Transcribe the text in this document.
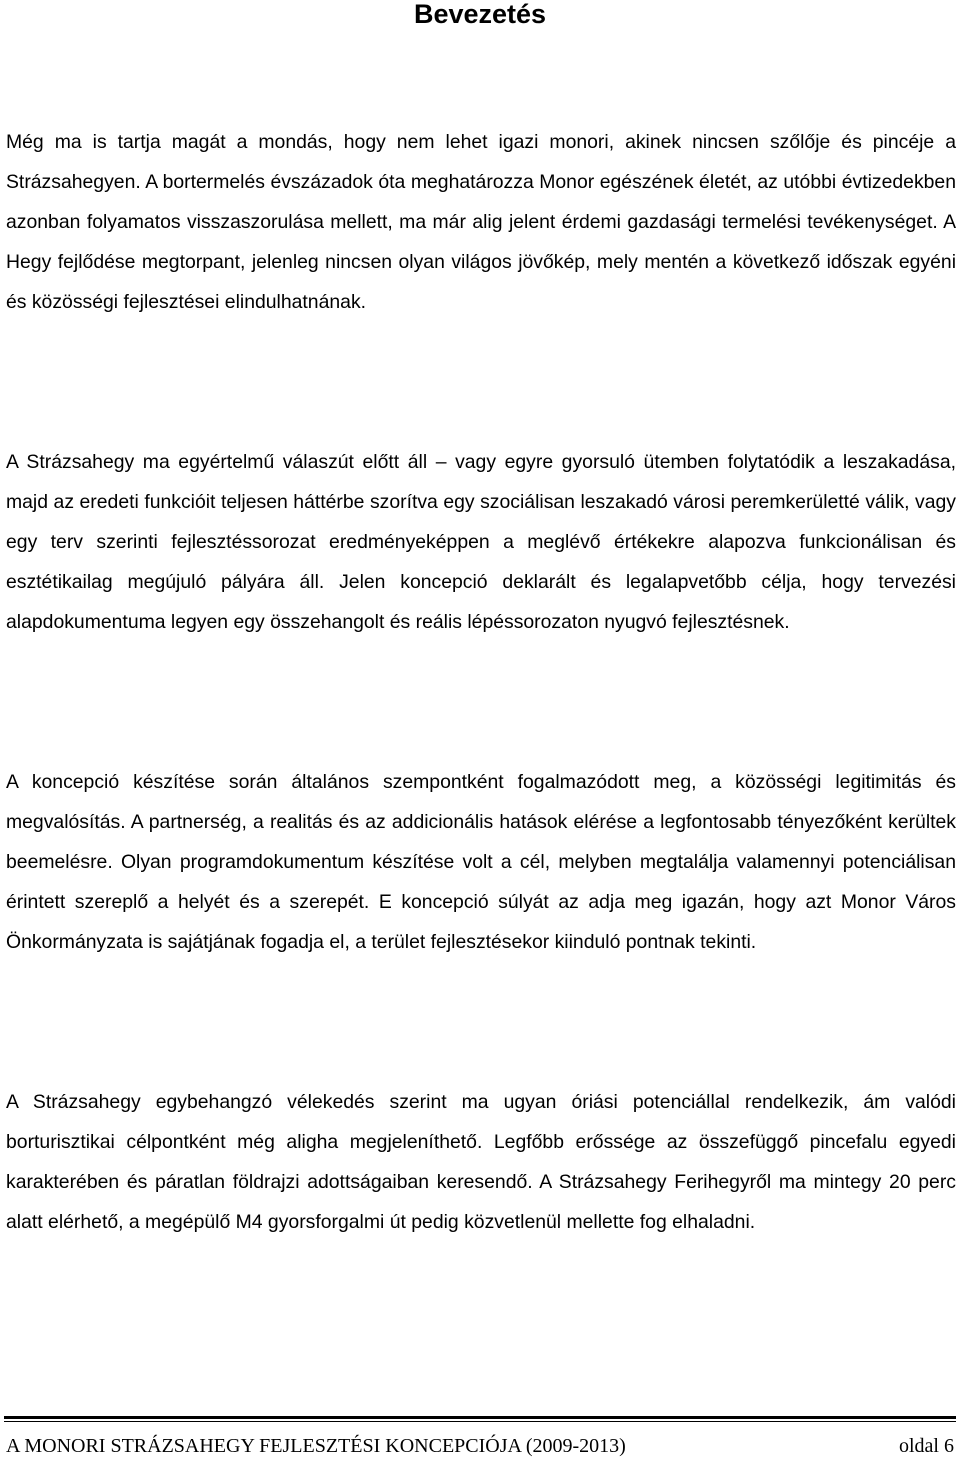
Bevezetés

Még ma is tartja magát a mondás, hogy nem lehet igazi monori, akinek nincsen szőlője és pincéje a Strázsahegyen. A bortermelés évszázadok óta meghatározza Monor egészének életét, az utóbbi évtizedekben azonban folyamatos visszaszorulása mellett, ma már alig jelent érdemi gazdasági termelési tevékenységet. A Hegy fejlődése megtorpant, jelenleg nincsen olyan világos jövőkép, mely mentén a következő időszak egyéni és közösségi fejlesztései elindulhatnának.

A Strázsahegy ma egyértelmű válaszút előtt áll – vagy egyre gyorsuló ütemben folytatódik a leszakadása, majd az eredeti funkcióit teljesen háttérbe szorítva egy szociálisan leszakadó városi peremkerületté válik, vagy egy terv szerinti fejlesztéssorozat eredményeképpen a meglévő értékekre alapozva funkcionálisan és esztétikailag megújuló pályára áll. Jelen koncepció deklarált és legalapvetőbb célja, hogy tervezési alapdokumentuma legyen egy összehangolt és reális lépéssorozaton nyugvó fejlesztésnek.

A koncepció készítése során általános szempontként fogalmazódott meg, a közösségi legitimitás és megvalósítás. A partnerség, a realitás és az addicionális hatások elérése a legfontosabb tényezőként kerültek beemelésre. Olyan programdokumentum készítése volt a cél, melyben megtalálja valamennyi potenciálisan érintett szereplő a helyét és a szerepét. E koncepció súlyát az adja meg igazán, hogy azt Monor Város Önkormányzata is sajátjának fogadja el, a terület fejlesztésekor kiinduló pontnak tekinti.

A Strázsahegy egybehangzó vélekedés szerint ma ugyan óriási potenciállal rendelkezik, ám valódi borturisztikai célpontként még aligha megjeleníthető. Legfőbb erőssége az összefüggő pincefalu egyedi karakterében és páratlan földrajzi adottságaiban keresendő. A Strázsahegy Ferihegyről ma mintegy 20 perc alatt elérhető, a megépülő M4 gyorsforgalmi út pedig közvetlenül mellette fog elhaladni.

A MONORI STRÁZSAHEGY FEJLESZTÉSI KONCEPCIÓJA (2009-2013)	oldal 6
